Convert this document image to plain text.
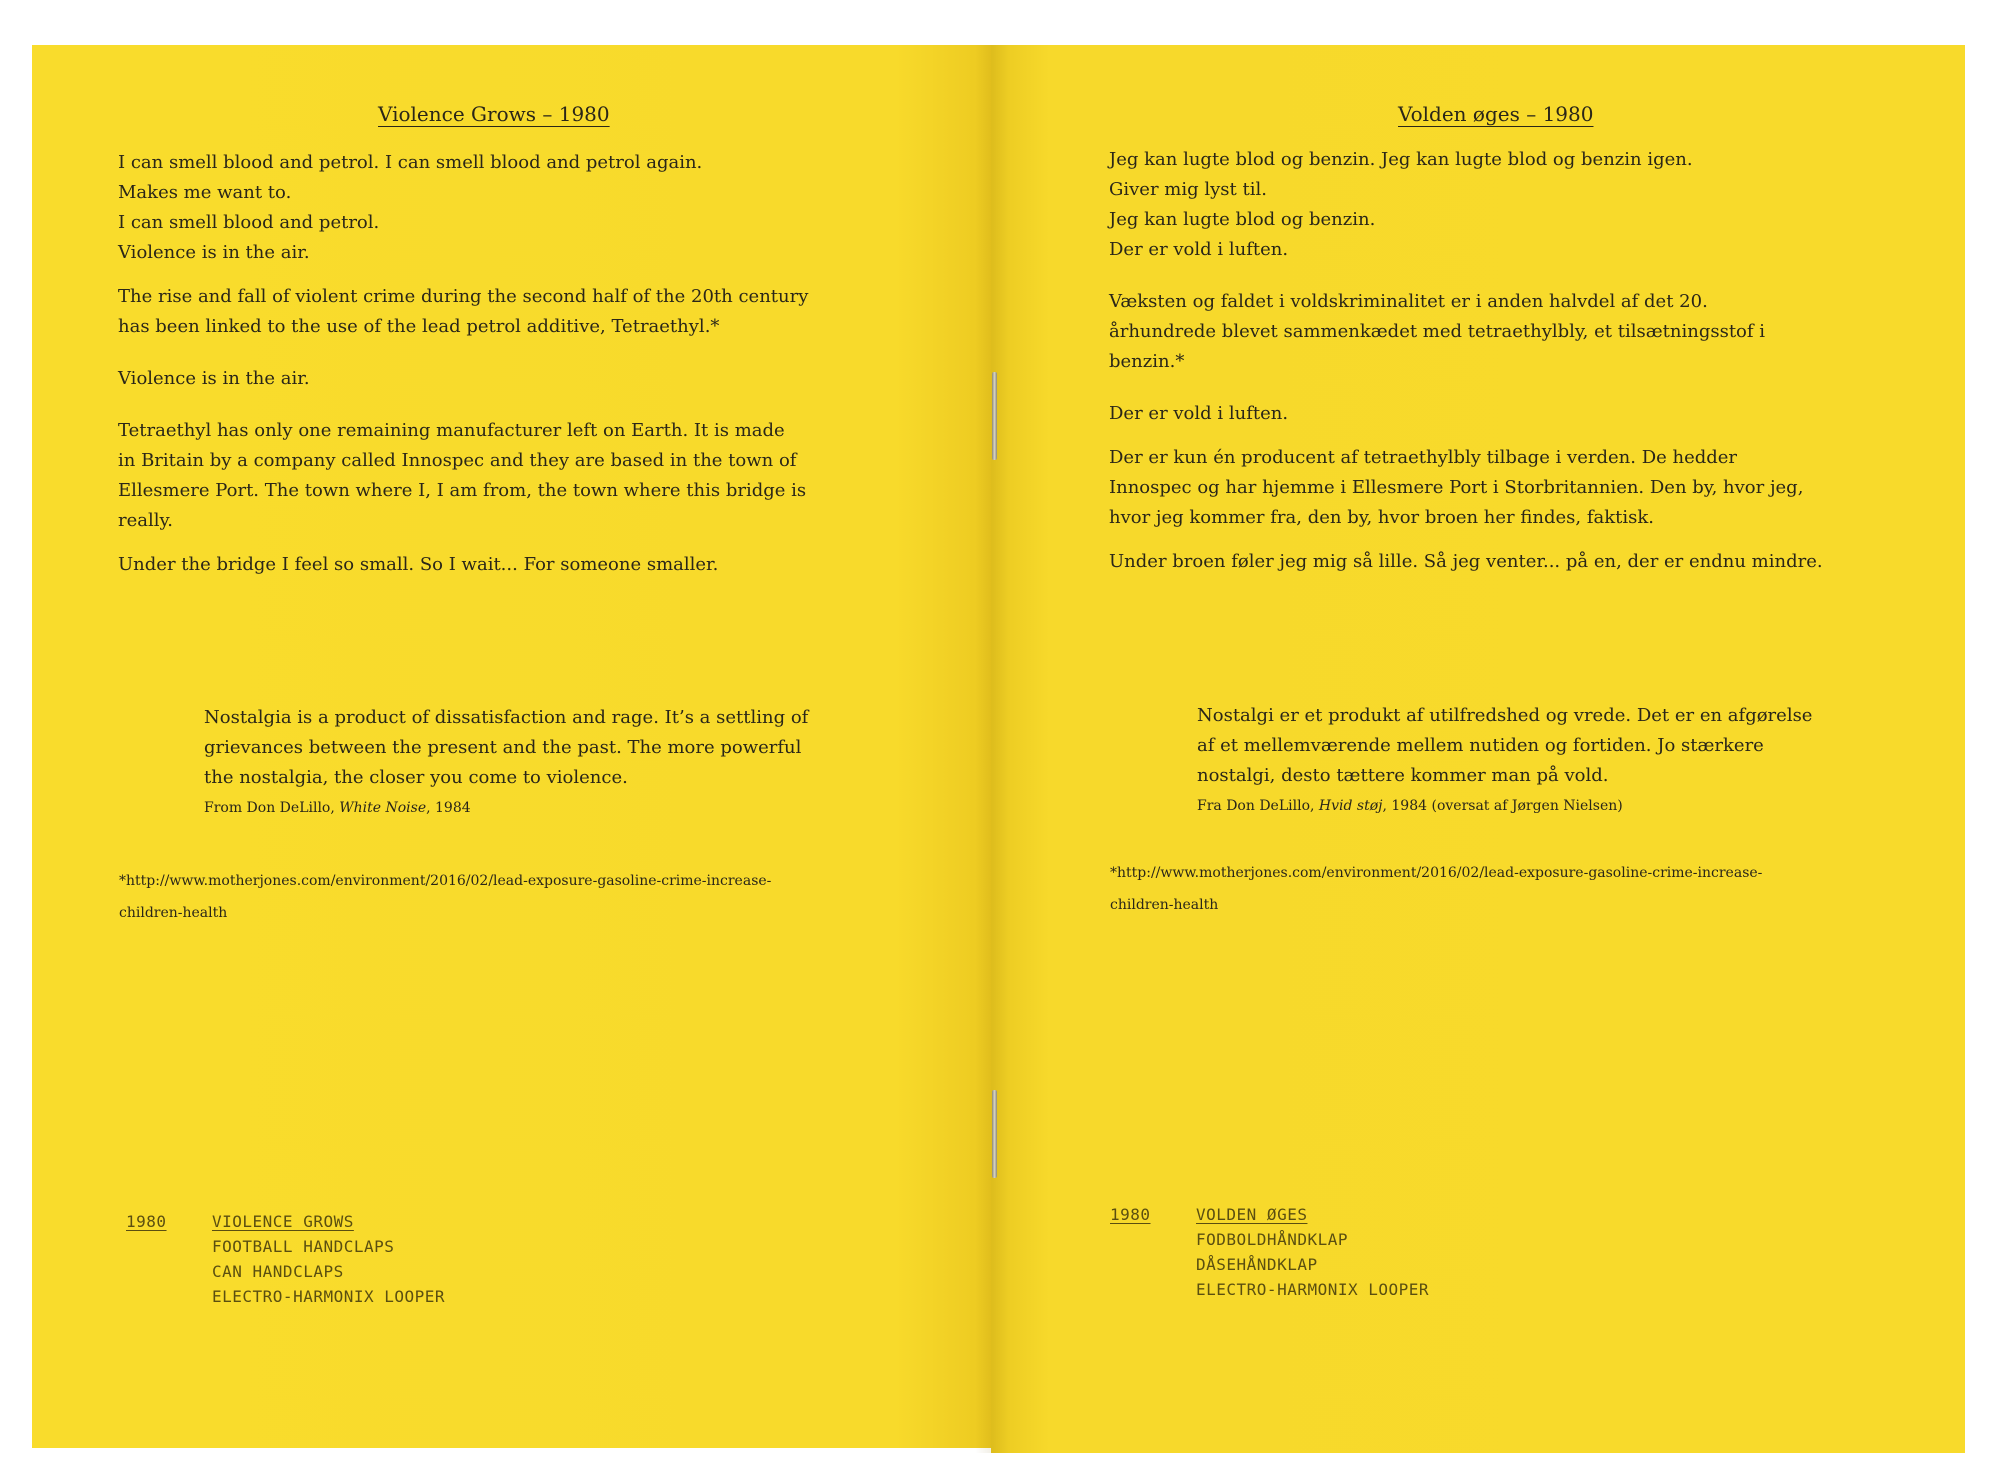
Violence Grows – 1980
I can smell blood and petrol. I can smell blood and petrol again.
Makes me want to.
I can smell blood and petrol.
Violence is in the air.
The rise and fall of violent crime during the second half of the 20th century
has been linked to the use of the lead petrol additive, Tetraethyl.*
Violence is in the air.
Tetraethyl has only one remaining manufacturer left on Earth. It is made
in Britain by a company called Innospec and they are based in the town of
Ellesmere Port. The town where I, I am from, the town where this bridge is
really.
Under the bridge I feel so small. So I wait... For someone smaller.
Nostalgia is a product of dissatisfaction and rage. It’s a settling of
grievances between the present and the past. The more powerful
the nostalgia, the closer you come to violence.
From Don DeLillo, White Noise, 1984
*http://www.motherjones.com/environment/2016/02/lead-exposure-gasoline-crime-increase-
children-health
1980	VIOLENCE GROWS
FOOTBALL HANDCLAPS
CAN HANDCLAPS
ELECTRO-HARMONIX LOOPER
Volden øges – 1980
Jeg kan lugte blod og benzin. Jeg kan lugte blod og benzin igen.
Giver mig lyst til.
Jeg kan lugte blod og benzin.
Der er vold i luften.
Væksten og faldet i voldskriminalitet er i anden halvdel af det 20.
århundrede blevet sammenkædet med tetraethylbly, et tilsætningsstof i
benzin.*
Der er vold i luften.
Der er kun én producent af tetraethylbly tilbage i verden. De hedder
Innospec og har hjemme i Ellesmere Port i Storbritannien. Den by, hvor jeg,
hvor jeg kommer fra, den by, hvor broen her findes, faktisk.
Under broen føler jeg mig så lille. Så jeg venter... på en, der er endnu mindre.
Nostalgi er et produkt af utilfredshed og vrede. Det er en afgørelse
af et mellemværende mellem nutiden og fortiden. Jo stærkere
nostalgi, desto tættere kommer man på vold.
Fra Don DeLillo, Hvid støj, 1984 (oversat af Jørgen Nielsen)
*http://www.motherjones.com/environment/2016/02/lead-exposure-gasoline-crime-increase-
children-health
1980	VOLDEN ØGES
FODBOLDHÅNDKLAP
DÅSEHÅNDKLAP
ELECTRO-HARMONIX LOOPER
